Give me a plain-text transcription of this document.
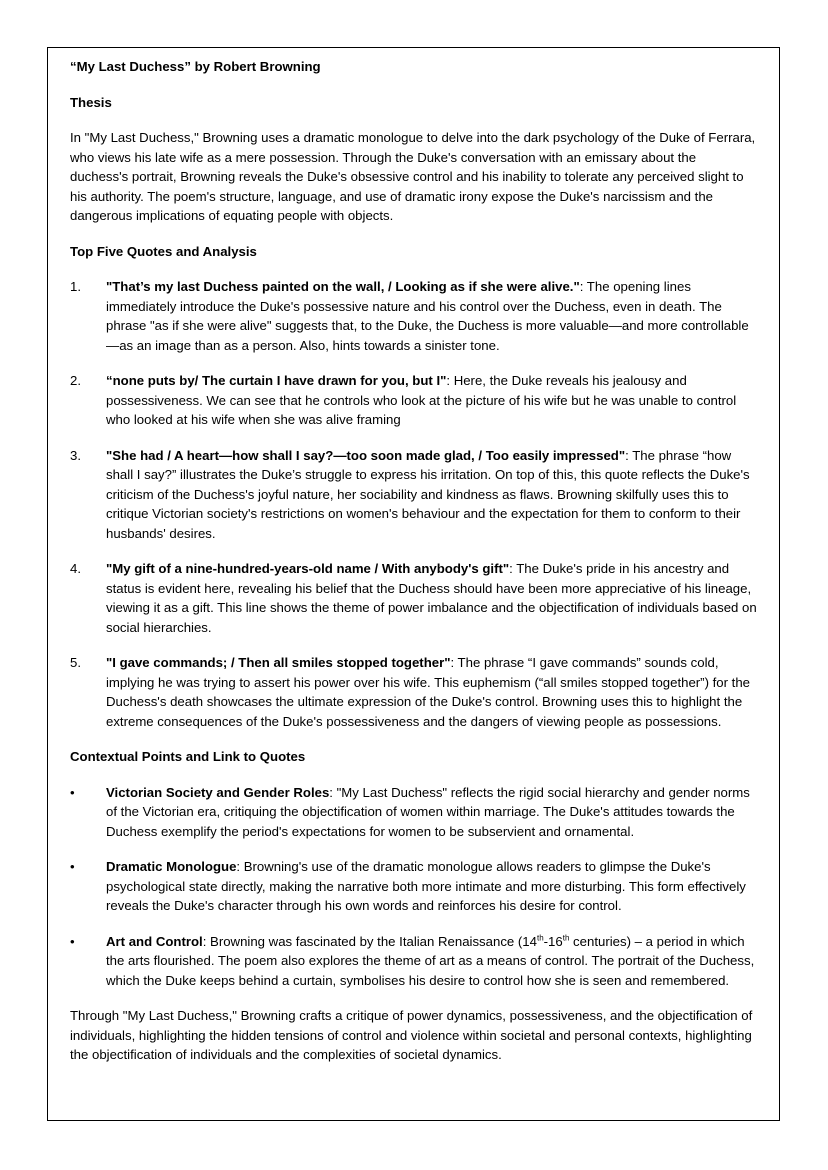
“My Last Duchess” by Robert Browning
Thesis

In "My Last Duchess," Browning uses a dramatic monologue to delve into the dark psychology of the Duke of Ferrara, who views his late wife as a mere possession. Through the Duke's conversation with an emissary about the duchess's portrait, Browning reveals the Duke's obsessive control and his inability to tolerate any perceived slight to his authority. The poem's structure, language, and use of dramatic irony expose the Duke's narcissism and the dangerous implications of equating people with objects.

Top Five Quotes and Analysis
1.	"That’s my last Duchess painted on the wall, / Looking as if she were alive.": The opening lines immediately introduce the Duke's possessive nature and his control over the Duchess, even in death. The phrase "as if she were alive" suggests that, to the Duke, the Duchess is more valuable—and more controllable—as an image than as a person. Also, hints towards a sinister tone.
2.	“none puts by/ The curtain I have drawn for you, but I": Here, the Duke reveals his jealousy and possessiveness. We can see that he controls who look at the picture of his wife but he was unable to control who looked at his wife when she was alive framing
3.	"She had / A heart—how shall I say?—too soon made glad, / Too easily impressed": The phrase “how shall I say?” illustrates the Duke’s struggle to express his irritation. On top of this, this quote reflects the Duke's criticism of the Duchess's joyful nature, her sociability and kindness as flaws. Browning skilfully uses this to critique Victorian society's restrictions on women's behaviour and the expectation for them to conform to their husbands' desires.
4.	"My gift of a nine-hundred-years-old name / With anybody's gift": The Duke's pride in his ancestry and status is evident here, revealing his belief that the Duchess should have been more appreciative of his lineage, viewing it as a gift. This line shows the theme of power imbalance and the objectification of individuals based on social hierarchies.
5.	"I gave commands; / Then all smiles stopped together": The phrase “I gave commands” sounds cold, implying he was trying to assert his power over his wife. This euphemism (“all smiles stopped together”) for the Duchess's death showcases the ultimate expression of the Duke's control. Browning uses this to highlight the extreme consequences of the Duke's possessiveness and the dangers of viewing people as possessions.
Contextual Points and Link to Quotes
•	Victorian Society and Gender Roles: "My Last Duchess" reflects the rigid social hierarchy and gender norms of the Victorian era, critiquing the objectification of women within marriage. The Duke's attitudes towards the Duchess exemplify the period's expectations for women to be subservient and ornamental.
•	Dramatic Monologue: Browning's use of the dramatic monologue allows readers to glimpse the Duke's psychological state directly, making the narrative both more intimate and more disturbing. This form effectively reveals the Duke's character through his own words and reinforces his desire for control.
•	Art and Control: Browning was fascinated by the Italian Renaissance (14th-16th centuries) – a period in which the arts flourished. The poem also explores the theme of art as a means of control. The portrait of the Duchess, which the Duke keeps behind a curtain, symbolises his desire to control how she is seen and remembered.

Through "My Last Duchess," Browning crafts a critique of power dynamics, possessiveness, and the objectification of individuals, highlighting the hidden tensions of control and violence within societal and personal contexts, highlighting the objectification of individuals and the complexities of societal dynamics.
